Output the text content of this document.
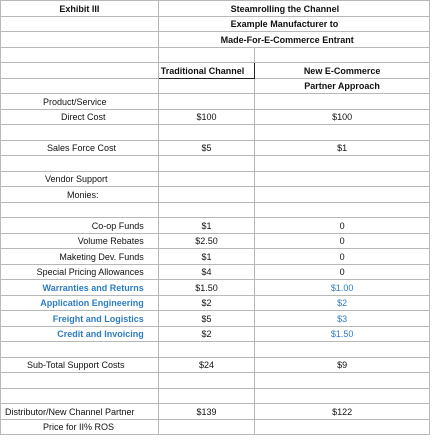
Exhibit III		Steamrolling the Channel
		Example Manufacturer to
		Made-For-E-Commerce Entrant

	Traditional Channel	New E-Commerce
		Partner Approach
Product/Service		
Direct Cost	$100	$100

Sales Force Cost	$5	$1

Vendor Support		
Monies:		

Co-op Funds	$1	0
Volume Rebates	$2.50	0
Maketing Dev. Funds	$1	0
Special Pricing Allowances	$4	0
Warranties and Returns	$1.50	$1.00
Application Engineering	$2	$2
Freight and Logistics	$5	$3
Credit and Invoicing	$2	$1.50

Sub-Total Support Costs	$24	$9

Distributor/New Channel Partner	$139	$122
Price for II% ROS		
